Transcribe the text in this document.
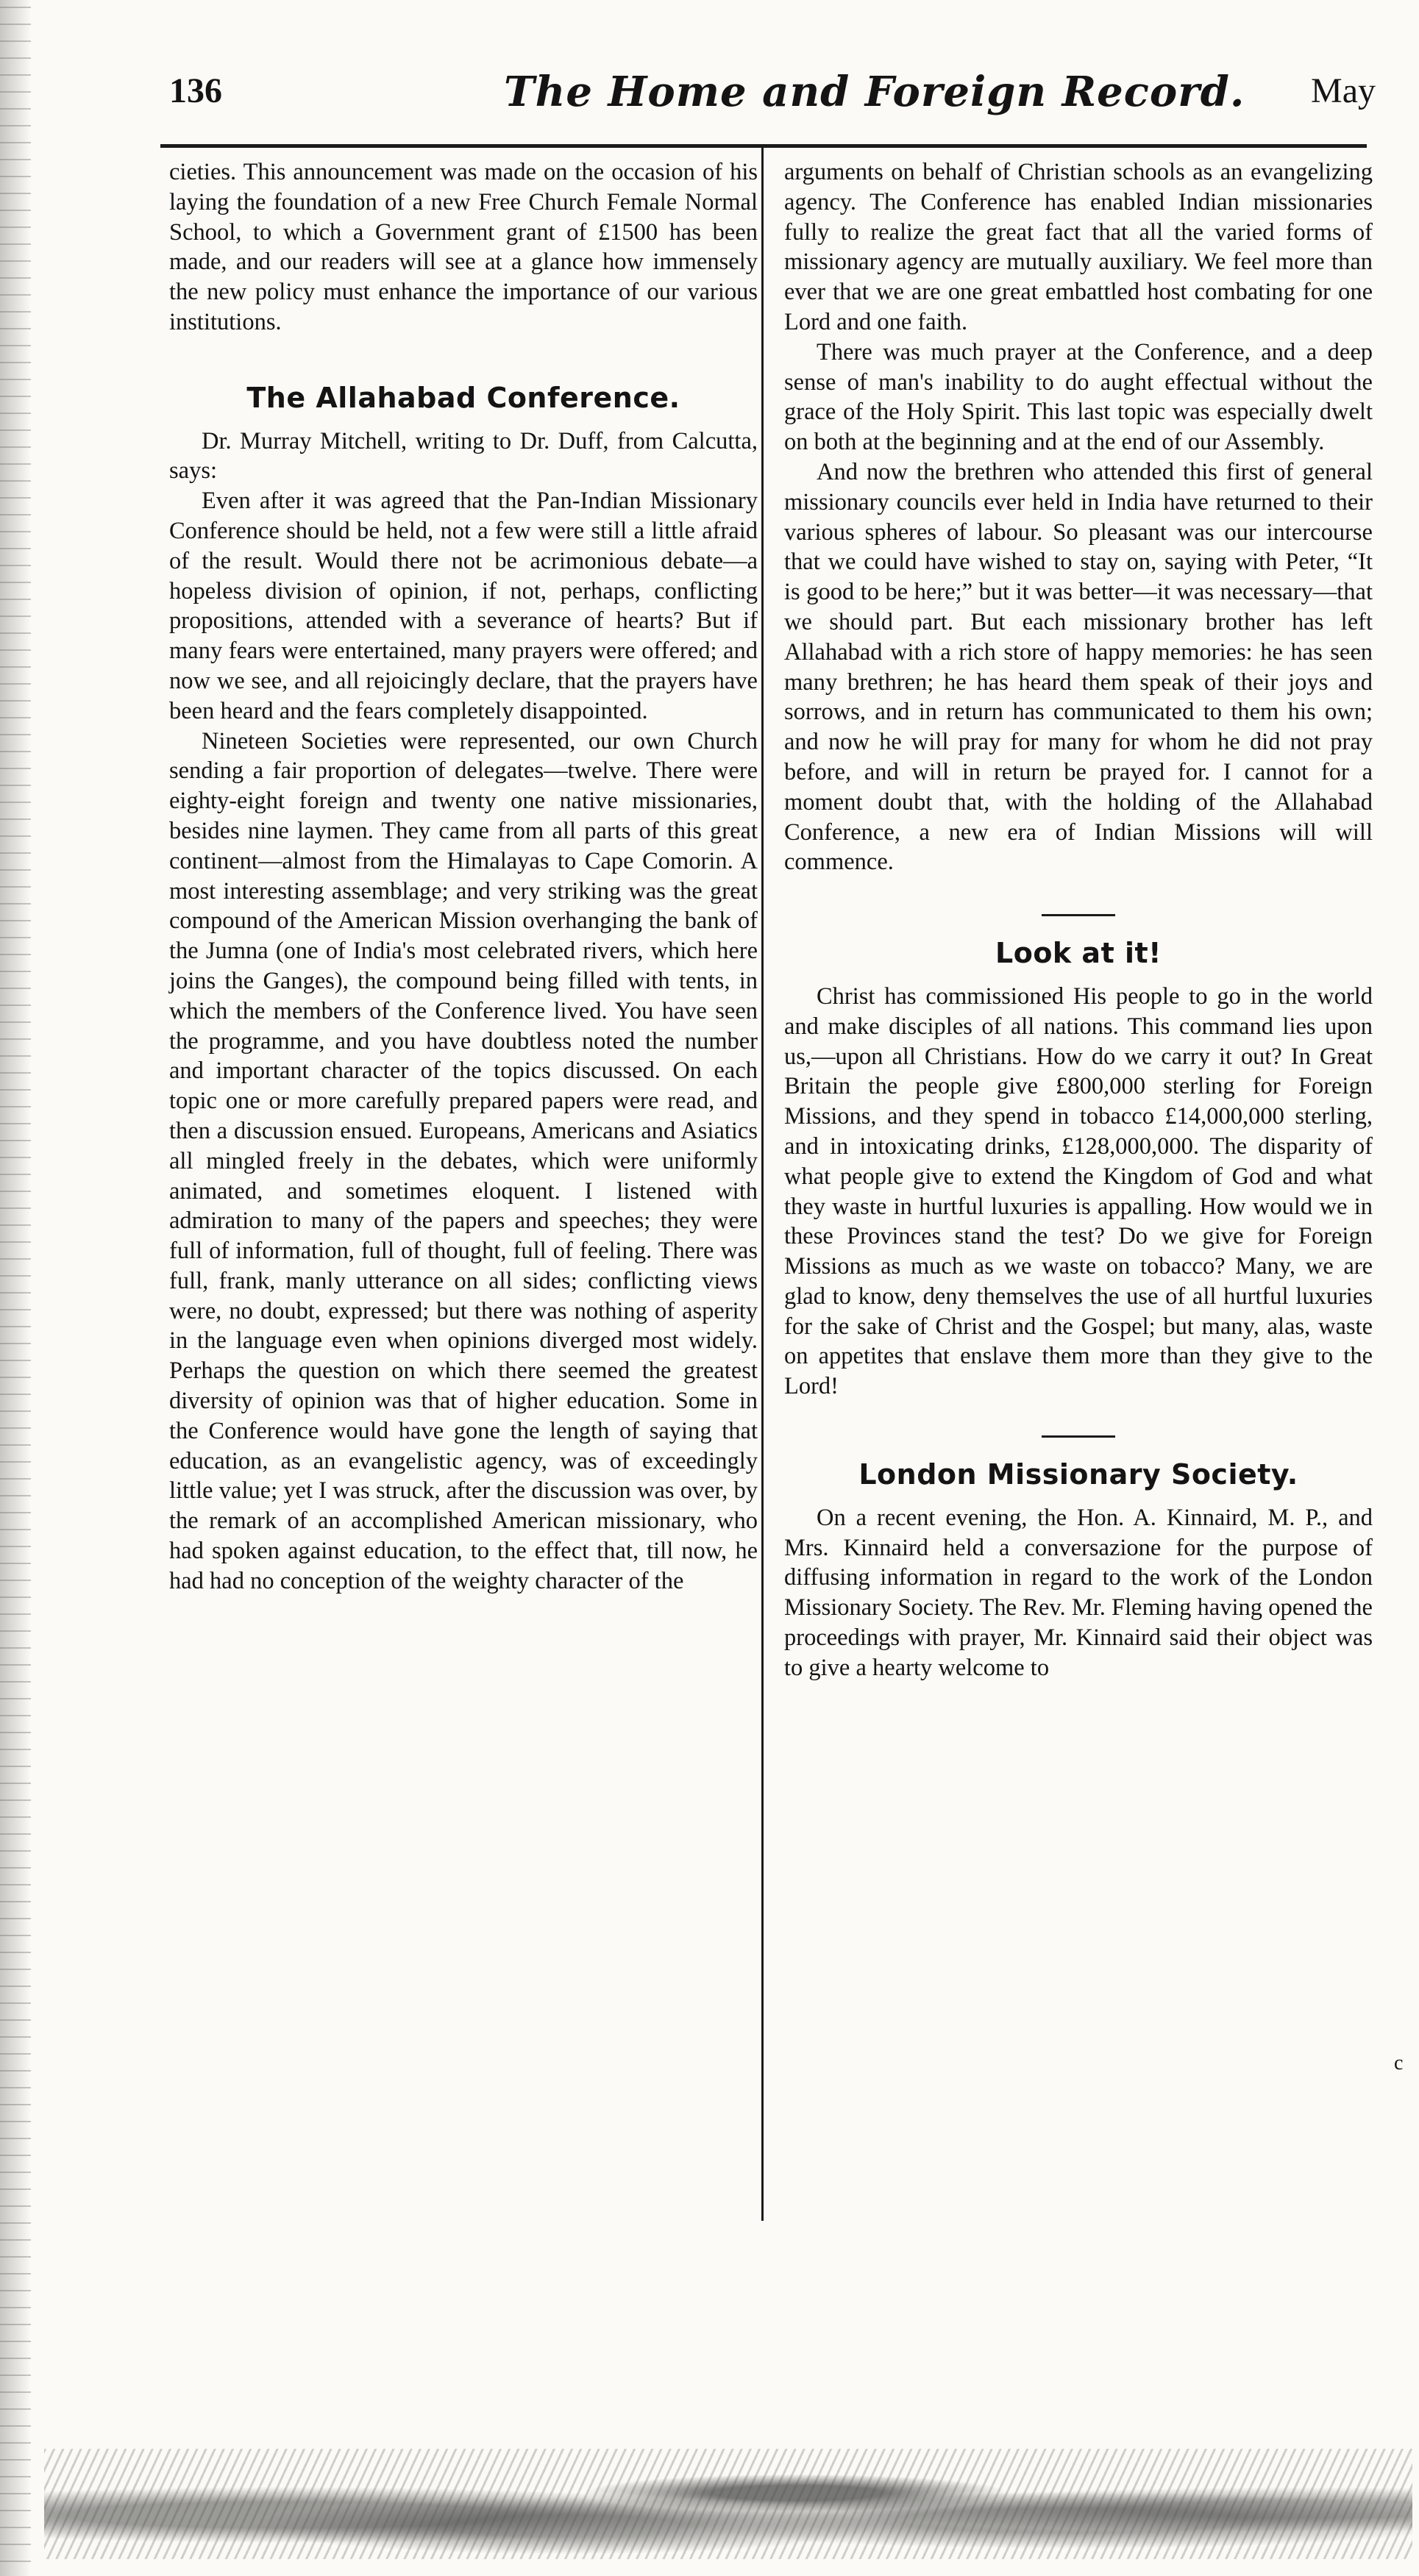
136	The Home and Foreign Record. May

cieties. This announcement was made on the occasion of his laying the foundation of a new Free Church Female Normal School, to which a Government grant of £1500 has been made, and our readers will see at a glance how immensely the new policy must enhance the importance of our various institutions.

The Allahabad Conference.

Dr. Murray Mitchell, writing to Dr. Duff, from Calcutta, says:

Even after it was agreed that the Pan-Indian Missionary Conference should be held, not a few were still a little afraid of the result. Would there not be acrimonious debate—a hopeless division of opinion, if not, perhaps, conflicting propositions, attended with a severance of hearts? But if many fears were entertained, many prayers were offered; and now we see, and all rejoicingly declare, that the prayers have been heard and the fears completely disappointed.

Nineteen Societies were represented, our own Church sending a fair proportion of delegates—twelve. There were eighty-eight foreign and twenty one native missionaries, besides nine laymen. They came from all parts of this great continent—almost from the Himalayas to Cape Comorin. A most interesting assemblage; and very striking was the great compound of the American Mission overhanging the bank of the Jumna (one of India's most celebrated rivers, which here joins the Ganges), the compound being filled with tents, in which the members of the Conference lived. You have seen the programme, and you have doubtless noted the number and important character of the topics discussed. On each topic one or more carefully prepared papers were read, and then a discussion ensued. Europeans, Americans and Asiatics all mingled freely in the debates, which were uniformly animated, and sometimes eloquent. I listened with admiration to many of the papers and speeches; they were full of information, full of thought, full of feeling. There was full, frank, manly utterance on all sides; conflicting views were, no doubt, expressed; but there was nothing of asperity in the language even when opinions diverged most widely. Perhaps the question on which there seemed the greatest diversity of opinion was that of higher education. Some in the Conference would have gone the length of saying that education, as an evangelistic agency, was of exceedingly little value; yet I was struck, after the discussion was over, by the remark of an accomplished American missionary, who had spoken against education, to the effect that, till now, he had had no conception of the weighty character of the

arguments on behalf of Christian schools as an evangelizing agency. The Conference has enabled Indian missionaries fully to realize the great fact that all the varied forms of missionary agency are mutually auxiliary. We feel more than ever that we are one great embattled host combating for one Lord and one faith.

There was much prayer at the Conference, and a deep sense of man's inability to do aught effectual without the grace of the Holy Spirit. This last topic was especially dwelt on both at the beginning and at the end of our Assembly.

And now the brethren who attended this first of general missionary councils ever held in India have returned to their various spheres of labour. So pleasant was our intercourse that we could have wished to stay on, saying with Peter, “It is good to be here;” but it was better—it was necessary—that we should part. But each missionary brother has left Allahabad with a rich store of happy memories: he has seen many brethren; he has heard them speak of their joys and sorrows, and in return has communicated to them his own; and now he will pray for many for whom he did not pray before, and will in return be prayed for. I cannot for a moment doubt that, with the holding of the Allahabad Conference, a new era of Indian Missions will will commence.

Look at it!

Christ has commissioned His people to go in the world and make disciples of all nations. This command lies upon us,—upon all Christians. How do we carry it out? In Great Britain the people give £800,000 sterling for Foreign Missions, and they spend in tobacco £14,000,000 sterling, and in intoxicating drinks, £128,000,000. The disparity of what people give to extend the Kingdom of God and what they waste in hurtful luxuries is appalling. How would we in these Provinces stand the test? Do we give for Foreign Missions as much as we waste on tobacco? Many, we are glad to know, deny themselves the use of all hurtful luxuries for the sake of Christ and the Gospel; but many, alas, waste on appetites that enslave them more than they give to the Lord!

London Missionary Society.

On a recent evening, the Hon. A. Kinnaird, M. P., and Mrs. Kinnaird held a conversazione for the purpose of diffusing information in regard to the work of the London Missionary Society. The Rev. Mr. Fleming having opened the proceedings with prayer, Mr. Kinnaird said their object was to give a hearty welcome to

c
